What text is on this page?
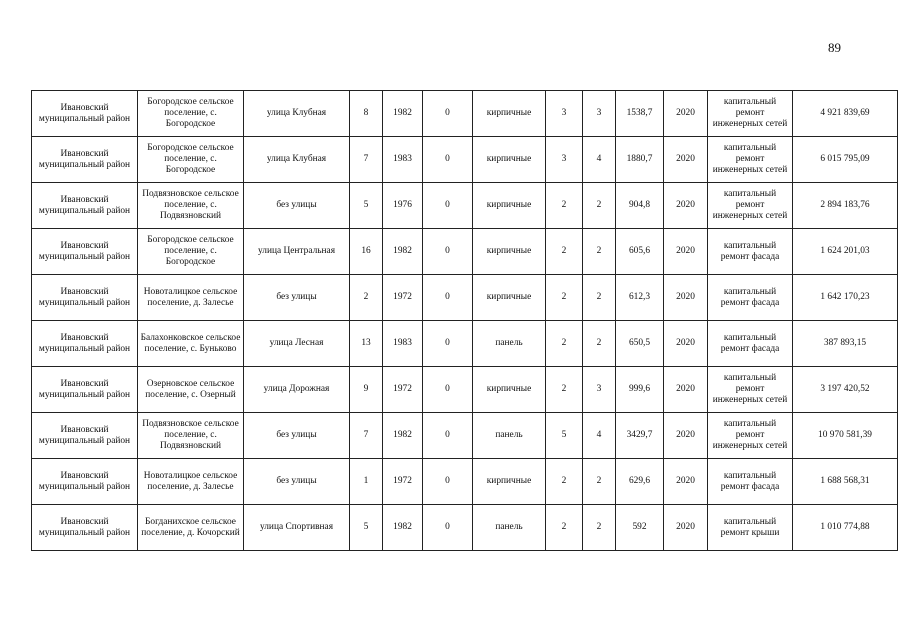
89
Ивановский муниципальный район	Богородское сельское поселение, с. Богородское	улица Клубная	8	1982	0	кирпичные	3	3	1538,7	2020	капитальный ремонт инженерных сетей	4 921 839,69
Ивановский муниципальный район	Богородское сельское поселение, с. Богородское	улица Клубная	7	1983	0	кирпичные	3	4	1880,7	2020	капитальный ремонт инженерных сетей	6 015 795,09
Ивановский муниципальный район	Подвязновское сельское поселение, с. Подвязновский	без улицы	5	1976	0	кирпичные	2	2	904,8	2020	капитальный ремонт инженерных сетей	2 894 183,76
Ивановский муниципальный район	Богородское сельское поселение, с. Богородское	улица Центральная	16	1982	0	кирпичные	2	2	605,6	2020	капитальный ремонт фасада	1 624 201,03
Ивановский муниципальный район	Новоталицкое сельское поселение, д. Залесье	без улицы	2	1972	0	кирпичные	2	2	612,3	2020	капитальный ремонт фасада	1 642 170,23
Ивановский муниципальный район	Балахонковское сельское поселение, с. Буньково	улица Лесная	13	1983	0	панель	2	2	650,5	2020	капитальный ремонт фасада	387 893,15
Ивановский муниципальный район	Озерновское сельское поселение, с. Озерный	улица Дорожная	9	1972	0	кирпичные	2	3	999,6	2020	капитальный ремонт инженерных сетей	3 197 420,52
Ивановский муниципальный район	Подвязновское сельское поселение, с. Подвязновский	без улицы	7	1982	0	панель	5	4	3429,7	2020	капитальный ремонт инженерных сетей	10 970 581,39
Ивановский муниципальный район	Новоталицкое сельское поселение, д. Залесье	без улицы	1	1972	0	кирпичные	2	2	629,6	2020	капитальный ремонт фасада	1 688 568,31
Ивановский муниципальный район	Богданихское сельское поселение, д. Кочорский	улица Спортивная	5	1982	0	панель	2	2	592	2020	капитальный ремонт крыши	1 010 774,88
